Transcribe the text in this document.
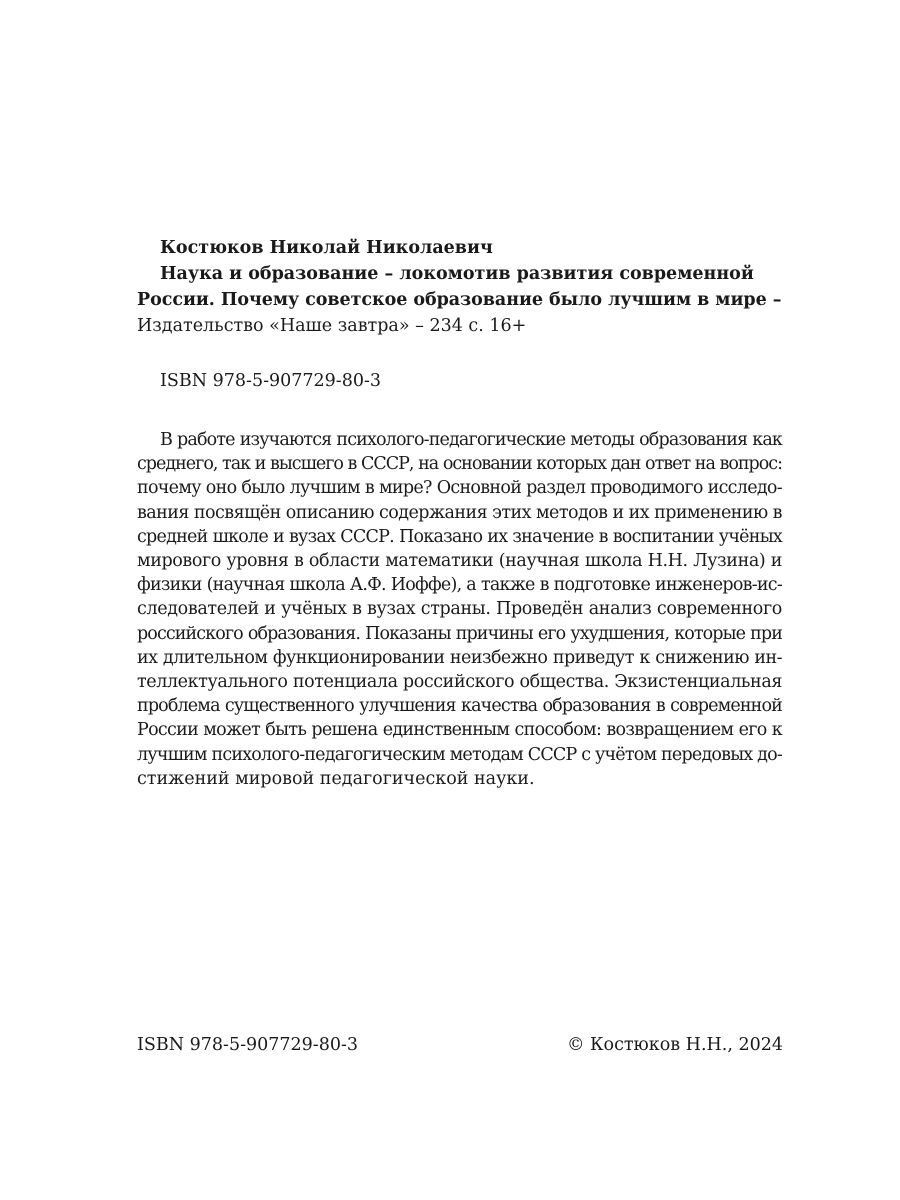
Костюков Николай Николаевич
Наука и образование – локомотив развития современной
России. Почему советское образование было лучшим в мире –
Издательство «Наше завтра» – 234 с. 16+
ISBN 978-5-907729-80-3
В работе изучаются психолого-педагогические методы образования как
среднего, так и высшего в СССР, на основании которых дан ответ на вопрос:
почему оно было лучшим в мире? Основной раздел проводимого исследо-
вания посвящён описанию содержания этих методов и их применению в
средней школе и вузах СССР. Показано их значение в воспитании учёных
мирового уровня в области математики (научная школа Н.Н. Лузина) и
физики (научная школа А.Ф. Иоффе), а также в подготовке инженеров-ис-
следователей и учёных в вузах страны. Проведён анализ современного
российского образования. Показаны причины его ухудшения, которые при
их длительном функционировании неизбежно приведут к снижению ин-
теллектуального потенциала российского общества. Экзистенциальная
проблема существенного улучшения качества образования в современной
России может быть решена единственным способом: возвращением его к
лучшим психолого-педагогическим методам СССР с учётом передовых до-
стижений мировой педагогической науки.
ISBN 978-5-907729-80-3	© Костюков Н.Н., 2024
